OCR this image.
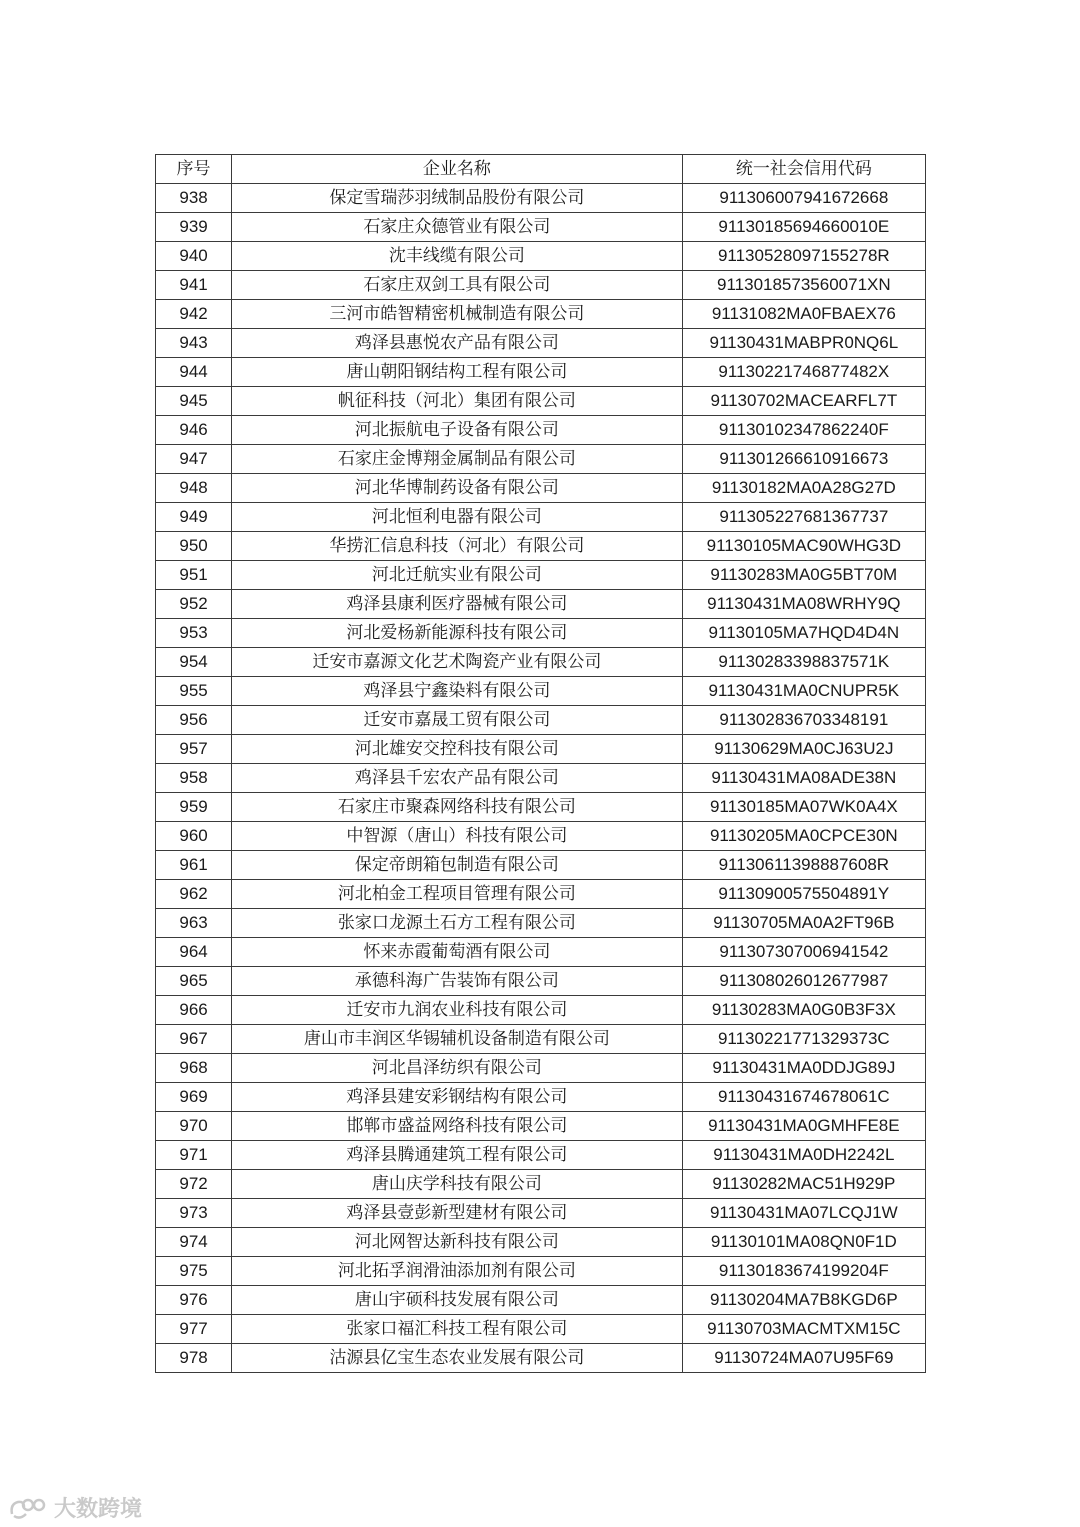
序号	企业名称	统一社会信用代码
938	保定雪瑞莎羽绒制品股份有限公司	911306007941672668
939	石家庄众德管业有限公司	91130185694660010E
940	沈丰线缆有限公司	91130528097155278R
941	石家庄双剑工具有限公司	9113018573560071XN
942	三河市皓智精密机械制造有限公司	91131082MA0FBAEX76
943	鸡泽县惠悦农产品有限公司	91130431MABPR0NQ6L
944	唐山朝阳钢结构工程有限公司	91130221746877482X
945	帆征科技（河北）集团有限公司	91130702MACEARFL7T
946	河北振航电子设备有限公司	91130102347862240F
947	石家庄金博翔金属制品有限公司	911301266610916673
948	河北华博制药设备有限公司	91130182MA0A28G27D
949	河北恒利电器有限公司	911305227681367737
950	华捞汇信息科技（河北）有限公司	91130105MAC90WHG3D
951	河北迁航实业有限公司	91130283MA0G5BT70M
952	鸡泽县康利医疗器械有限公司	91130431MA08WRHY9Q
953	河北爱杨新能源科技有限公司	91130105MA7HQD4D4N
954	迁安市嘉源文化艺术陶瓷产业有限公司	91130283398837571K
955	鸡泽县宁鑫染料有限公司	91130431MA0CNUPR5K
956	迁安市嘉晟工贸有限公司	911302836703348191
957	河北雄安交控科技有限公司	91130629MA0CJ63U2J
958	鸡泽县千宏农产品有限公司	91130431MA08ADE38N
959	石家庄市聚森网络科技有限公司	91130185MA07WK0A4X
960	中智源（唐山）科技有限公司	91130205MA0CPCE30N
961	保定帝朗箱包制造有限公司	91130611398887608R
962	河北柏金工程项目管理有限公司	91130900575504891Y
963	张家口龙源土石方工程有限公司	91130705MA0A2FT96B
964	怀来赤霞葡萄酒有限公司	911307307006941542
965	承德科海广告装饰有限公司	911308026012677987
966	迁安市九润农业科技有限公司	91130283MA0G0B3F3X
967	唐山市丰润区华锡辅机设备制造有限公司	91130221771329373C
968	河北昌泽纺织有限公司	91130431MA0DDJG89J
969	鸡泽县建安彩钢结构有限公司	91130431674678061C
970	邯郸市盛益网络科技有限公司	91130431MA0GMHFE8E
971	鸡泽县腾通建筑工程有限公司	91130431MA0DH2242L
972	唐山庆学科技有限公司	91130282MAC51H929P
973	鸡泽县壹彭新型建材有限公司	91130431MA07LCQJ1W
974	河北网智达新科技有限公司	91130101MA08QN0F1D
975	河北拓孚润滑油添加剂有限公司	91130183674199204F
976	唐山宇硕科技发展有限公司	91130204MA7B8KGD6P
977	张家口福汇科技工程有限公司	91130703MACMTXM15C
978	沽源县亿宝生态农业发展有限公司	91130724MA07U95F69
大数跨境
